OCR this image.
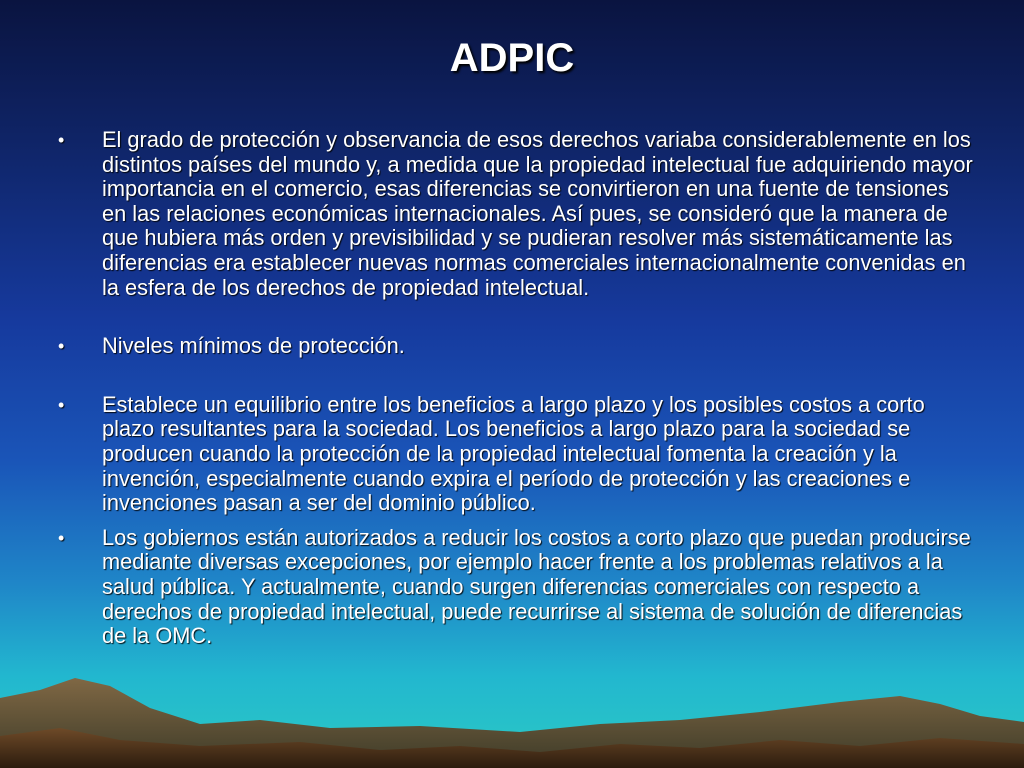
ADPIC
• El grado de protección y observancia de esos derechos variaba considerablemente en los distintos países del mundo y, a medida que la propiedad intelectual fue adquiriendo mayor importancia en el comercio, esas diferencias se convirtieron en una fuente de tensiones en las relaciones económicas internacionales. Así pues, se consideró que la manera de que hubiera más orden y previsibilidad y se pudieran resolver más sistemáticamente las diferencias era establecer nuevas normas comerciales internacionalmente convenidas en la esfera de los derechos de propiedad intelectual.
• Niveles mínimos de protección.
• Establece un equilibrio entre los beneficios a largo plazo y los posibles costos a corto plazo resultantes para la sociedad. Los beneficios a largo plazo para la sociedad se producen cuando la protección de la propiedad intelectual fomenta la creación y la invención, especialmente cuando expira el período de protección y las creaciones e invenciones pasan a ser del dominio público.
• Los gobiernos están autorizados a reducir los costos a corto plazo que puedan producirse mediante diversas excepciones, por ejemplo hacer frente a los problemas relativos a la salud pública. Y actualmente, cuando surgen diferencias comerciales con respecto a derechos de propiedad intelectual, puede recurrirse al sistema de solución de diferencias de la OMC.
